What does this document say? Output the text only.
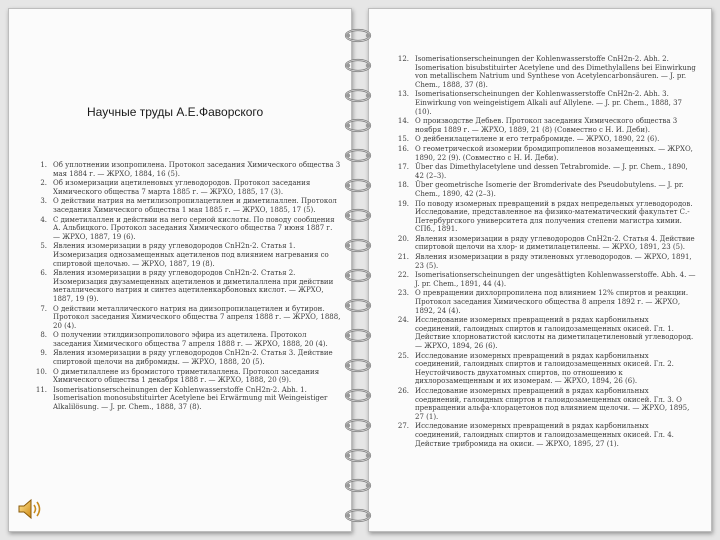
Научные труды А.Е.Фаворского
1. Об уплотнении изопропилена. Протокол заседания Химического общества 3 мая 1884 г. — ЖРХО, 1884, 16 (5).
2. Об изомеризации ацетиленовых углеводородов. Протокол заседания Химического общества 7 марта 1885 г. — ЖРХО, 1885, 17 (3).
3. О действии натрия на метилизопропилацетилен и диметилаллен. Протокол заседания Химического общества 1 мая 1885 г. — ЖРХО, 1885, 17 (5).
4. С диметилаллен и действии на него серной кислоты. По поводу сообщения А. Альбицкого. Протокол заседания Химического общества 7 июня 1887 г. — ЖРХО, 1887, 19 (6).
5. Явления изомеризации в ряду углеводородов CnH2n-2. Статья 1. Изомеризация однозамещенных ацетиленов под влиянием нагревания со спиртовой щелочью. — ЖРХО, 1887, 19 (8).
6. Явления изомеризации в ряду углеводородов CnH2n-2. Статья 2. Изомеризация двузамещенных ацетиленов и диметилаллена при действии металлического натрия и синтез ацетиленкарбоновых кислот. — ЖРХО, 1887, 19 (9).
7. О действии металлического натрия на диизопропилацетилен и бутирон. Протокол заседания Химического общества 7 апреля 1888 г. — ЖРХО, 1888, 20 (4).
8. О получении этилдиизопропилового эфира из ацетилена. Протокол заседания Химического общества 7 апреля 1888 г. — ЖРХО, 1888, 20 (4).
9. Явления изомеризации в ряду углеводородов CnH2n-2. Статья 3. Действие спиртовой щелочи на дибромиды. — ЖРХО, 1888, 20 (5).
10. О диметилаллене из бромистого триметилаллена. Протокол заседания Химического общества 1 декабря 1888 г. — ЖРХО, 1888, 20 (9).
11. Isomerisationserscheinungen der Kohlenwasserstoffe CnH2n-2. Abh. 1. Isomerisation monosubstituirter Acetylene bei Erwärmung mit Weingeistiger Alkalilösung. — J. pr. Chem., 1888, 37 (8).
12. Isomerisationserscheinungen der Kohlenwasserstoffe CnH2n-2. Abh. 2. Isomerisation bisubstituirter Acetylene und des Dimethylallens bei Einwirkung von metallischem Natrium und Synthese von Acetylencarbonsäuren. — J. pr. Chem., 1888, 37 (8).
13. Isomerisationserscheinungen der Kohlenwasserstoffe CnH2n-2. Abh. 3. Einwirkung von weingeistigem Alkali auf Allylene. — J. pr. Chem., 1888, 37 (10).
14. О производстве Дебьев. Протокол заседания Химического общества 3 ноября 1889 г. — ЖРХО, 1889, 21 (8) (Совместно с Н. И. Деби).
15. О дейбенилацетилене и его тетрабромиде. — ЖРХО, 1890, 22 (6).
16. О геометрической изомерии бромдипропиленов нозамещенных. — ЖРХО, 1890, 22 (9). (Совместно с Н. И. Деби).
17. Über das Dimethylacetylene und dessen Tetrabromide. — J. pr. Chem., 1890, 42 (2–3).
18. Über geometrische Isomerie der Bromderivate des Pseudobutylens. — J. pr. Chem., 1890, 42 (2–3).
19. По поводу изомерных превращений в рядах непредельных углеводородов. Исследование, представленное на физико-математический факультет С.-Петербургского университета для получения степени магистра химии. СПб., 1891.
20. Явления изомеризации в ряду углеводородов CnH2n-2. Статья 4. Действие спиртовой щелочи на хлор- и диметилацетилены. — ЖРХО, 1891, 23 (5).
21. Явления изомеризации в ряду этиленовых углеводородов. — ЖРХО, 1891, 23 (5).
22. Isomerisationserscheinungen der ungesättigten Kohlenwasserstoffe. Abh. 4. — J. pr. Chem., 1891, 44 (4).
23. О превращении дихлорпропилена под влиянием 12% спиртов и реакции. Протокол заседания Химического общества 8 апреля 1892 г. — ЖРХО, 1892, 24 (4).
24. Исследование изомерных превращений в рядах карбонильных соединений, галоидных спиртов и галоидозамещенных окисей. Гл. 1. Действие хлорноватистой кислоты на диметилацетиленовый углеводород. — ЖРХО, 1894, 26 (6).
25. Исследование изомерных превращений в рядах карбонильных соединений, галоидных спиртов и галоидозамещенных окисей. Гл. 2. Неустойчивость двухатомных спиртов, по отношению к дихлорозамещенным и их изомерам. — ЖРХО, 1894, 26 (6).
26. Исследование изомерных превращений в рядах карбонильных соединений, галоидных спиртов и галоидозамещенных окисей. Гл. 3. О превращении альфа-хлорацетонов под влиянием щелочи. — ЖРХО, 1895, 27 (1).
27. Исследование изомерных превращений в рядах карбонильных соединений, галоидных спиртов и галоидозамещенных окисей. Гл. 4. Действие трибромида на окиси. — ЖРХО, 1895, 27 (1).
